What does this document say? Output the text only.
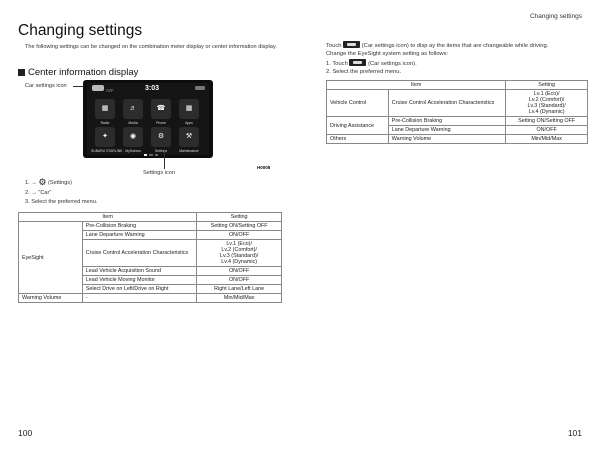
Changing settings

The following settings can be changed on the combination meter display or center information display.

Center information display
Car settings icon
71°F	3:03
▦
Radio
♬
Media
☎
Phone
▦
Apps
✦
SUBARU STARLINK
◉
MySubaru
⚙
Settings
⚒
Maintenance
Settings icon
H0008
1. → ⚙ (Settings)
2. → "Car"
3. Select the preferred menu.
Item		Setting
EyeSight	Pre-Collision Braking	Setting ON/Setting OFF
	Lane Departure Warning	ON/OFF
	Cruise Control Acceleration Characteristics	Lv.1 (Eco)/
Lv.2 (Comfort)/
Lv.3 (Standard)/
Lv.4 (Dynamic)

	Lead Vehicle Acquisition Sound	ON/OFF
	Lead Vehicle Moving Monitor	ON/OFF
	Select Drive on Left/Drive on Right	Right Lane/Left Lane
Warning Volume	-	Min/Mid/Max
100
Changing settings
Touch	(Car settings icon) to disp ay the items that are changeable while driving.
Change the EyeSight system setting as follows:
1. Touch	(Car settings icon).
2. Select the preferred menu.
Item		Setting
Vehicle Control	Cruise Control Acceleration Characteristics	Lv.1 (Eco)/
Lv.2 (Comfort)/
Lv.3 (Standard)/
Lv.4 (Dynamic)

Driving Assistance	Pre-Collision Braking	Setting ON/Setting OFF
	Lane Departure Warning	ON/OFF
Others	Warning Volume	Min/Mid/Max
101
